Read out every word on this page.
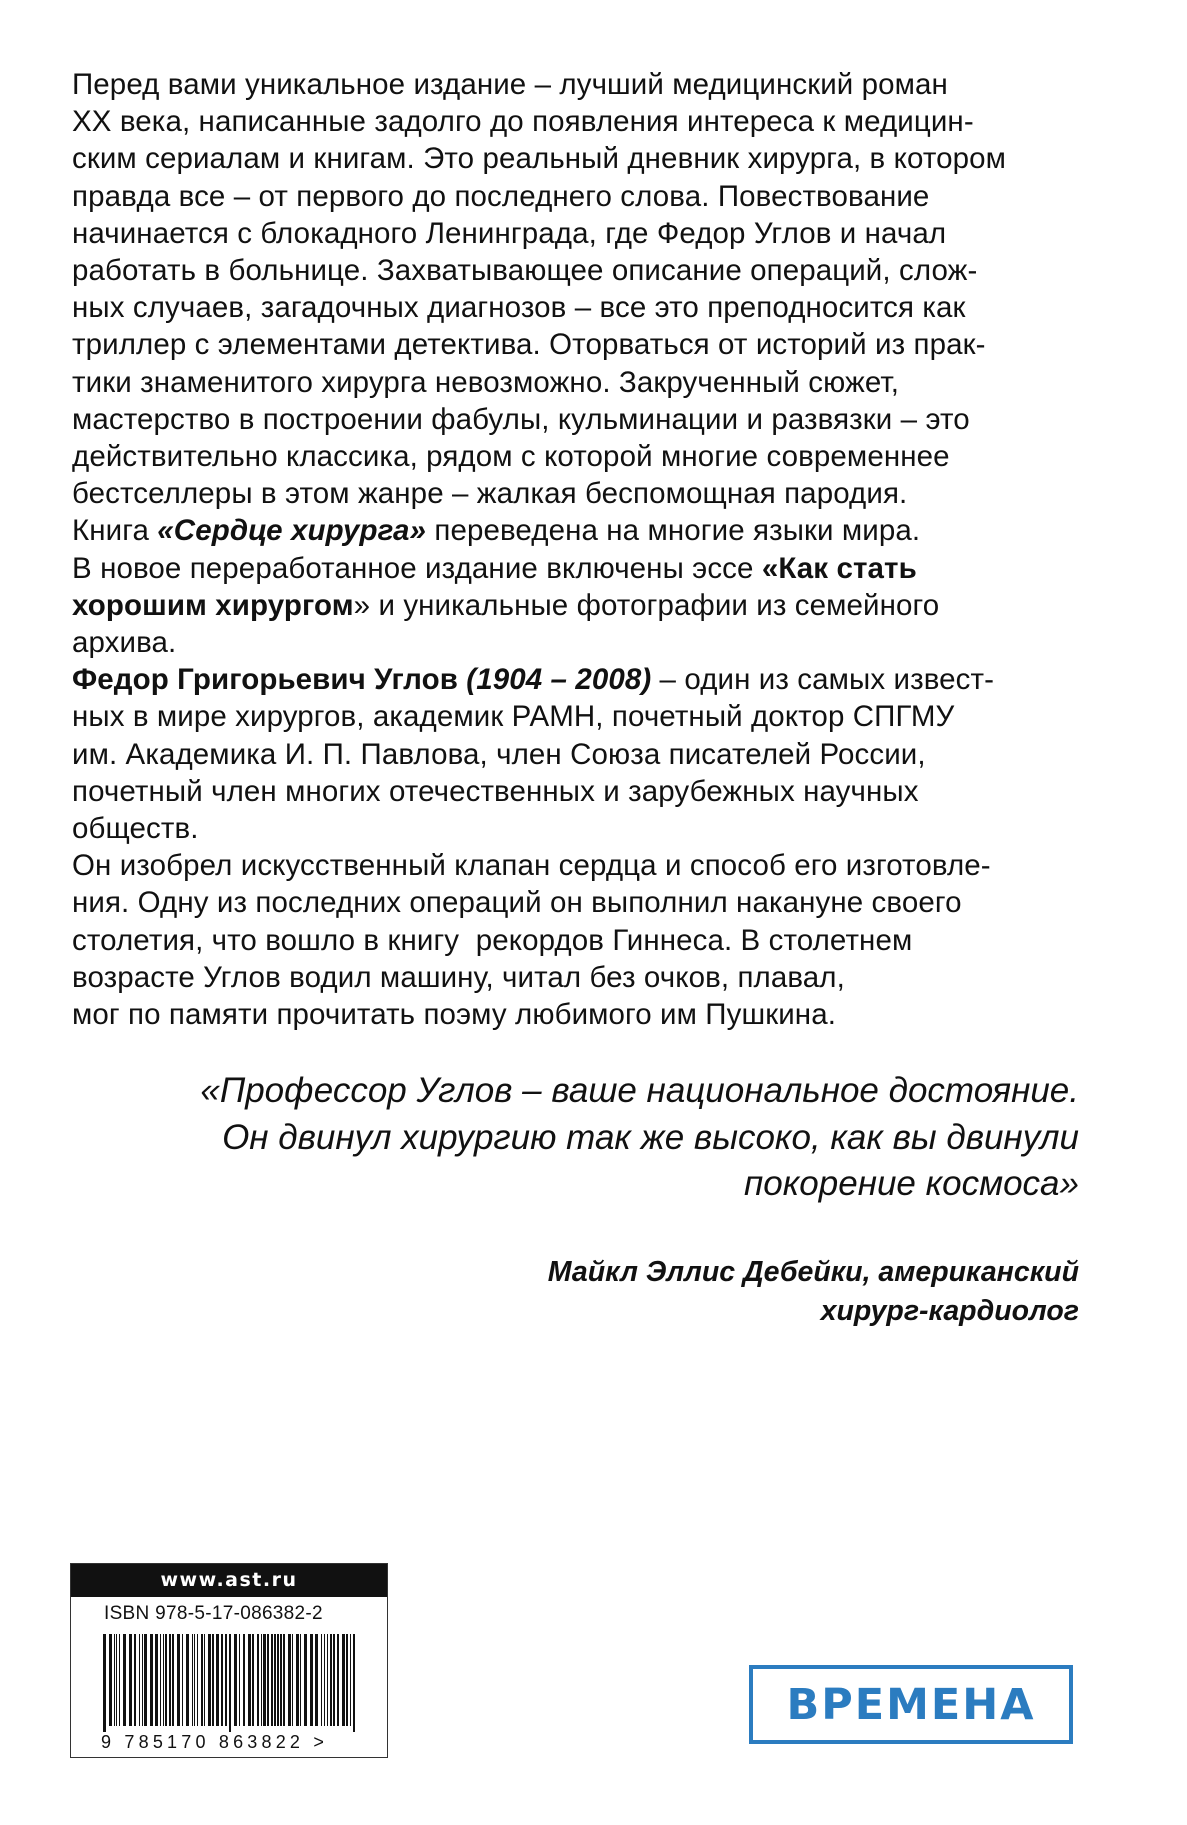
Перед вами уникальное издание – лучший медицинский роман
XX века, написанные задолго до появления интереса к медицин-
ским сериалам и книгам. Это реальный дневник хирурга, в котором
правда все – от первого до последнего слова. Повествование
начинается с блокадного Ленинграда, где Федор Углов и начал
работать в больнице. Захватывающее описание операций, слож-
ных случаев, загадочных диагнозов – все это преподносится как
триллер с элементами детектива. Оторваться от историй из прак-
тики знаменитого хирурга невозможно. Закрученный сюжет,
мастерство в построении фабулы, кульминации и развязки – это
действительно классика, рядом с которой многие современнее
бестселлеры в этом жанре – жалкая беспомощная пародия.
Книга «Сердце хирурга» переведена на многие языки мира.
В новое переработанное издание включены эссе «Как стать
хорошим хирургом» и уникальные фотографии из семейного
архива.
Федор Григорьевич Углов (1904 – 2008) – один из самых извест-
ных в мире хирургов, академик РАМН, почетный доктор СПГМУ
им. Академика И. П. Павлова, член Союза писателей России,
почетный член многих отечественных и зарубежных научных
обществ.
Он изобрел искусственный клапан сердца и способ его изготовле-
ния. Одну из последних операций он выполнил накануне своего
столетия, что вошло в книгу  рекордов Гиннеса. В столетнем
возрасте Углов водил машину, читал без очков, плавал,
мог по памяти прочитать поэму любимого им Пушкина.
«Профессор Углов – ваше национальное достояние.
Он двинул хирургию так же высоко, как вы двинули
покорение космоса»
Майкл Эллис Дебейки, американский
хирург-кардиолог
www.ast.ru
ISBN 978-5-17-086382-2
9 785170 863822 >
ВРЕМЕНА
